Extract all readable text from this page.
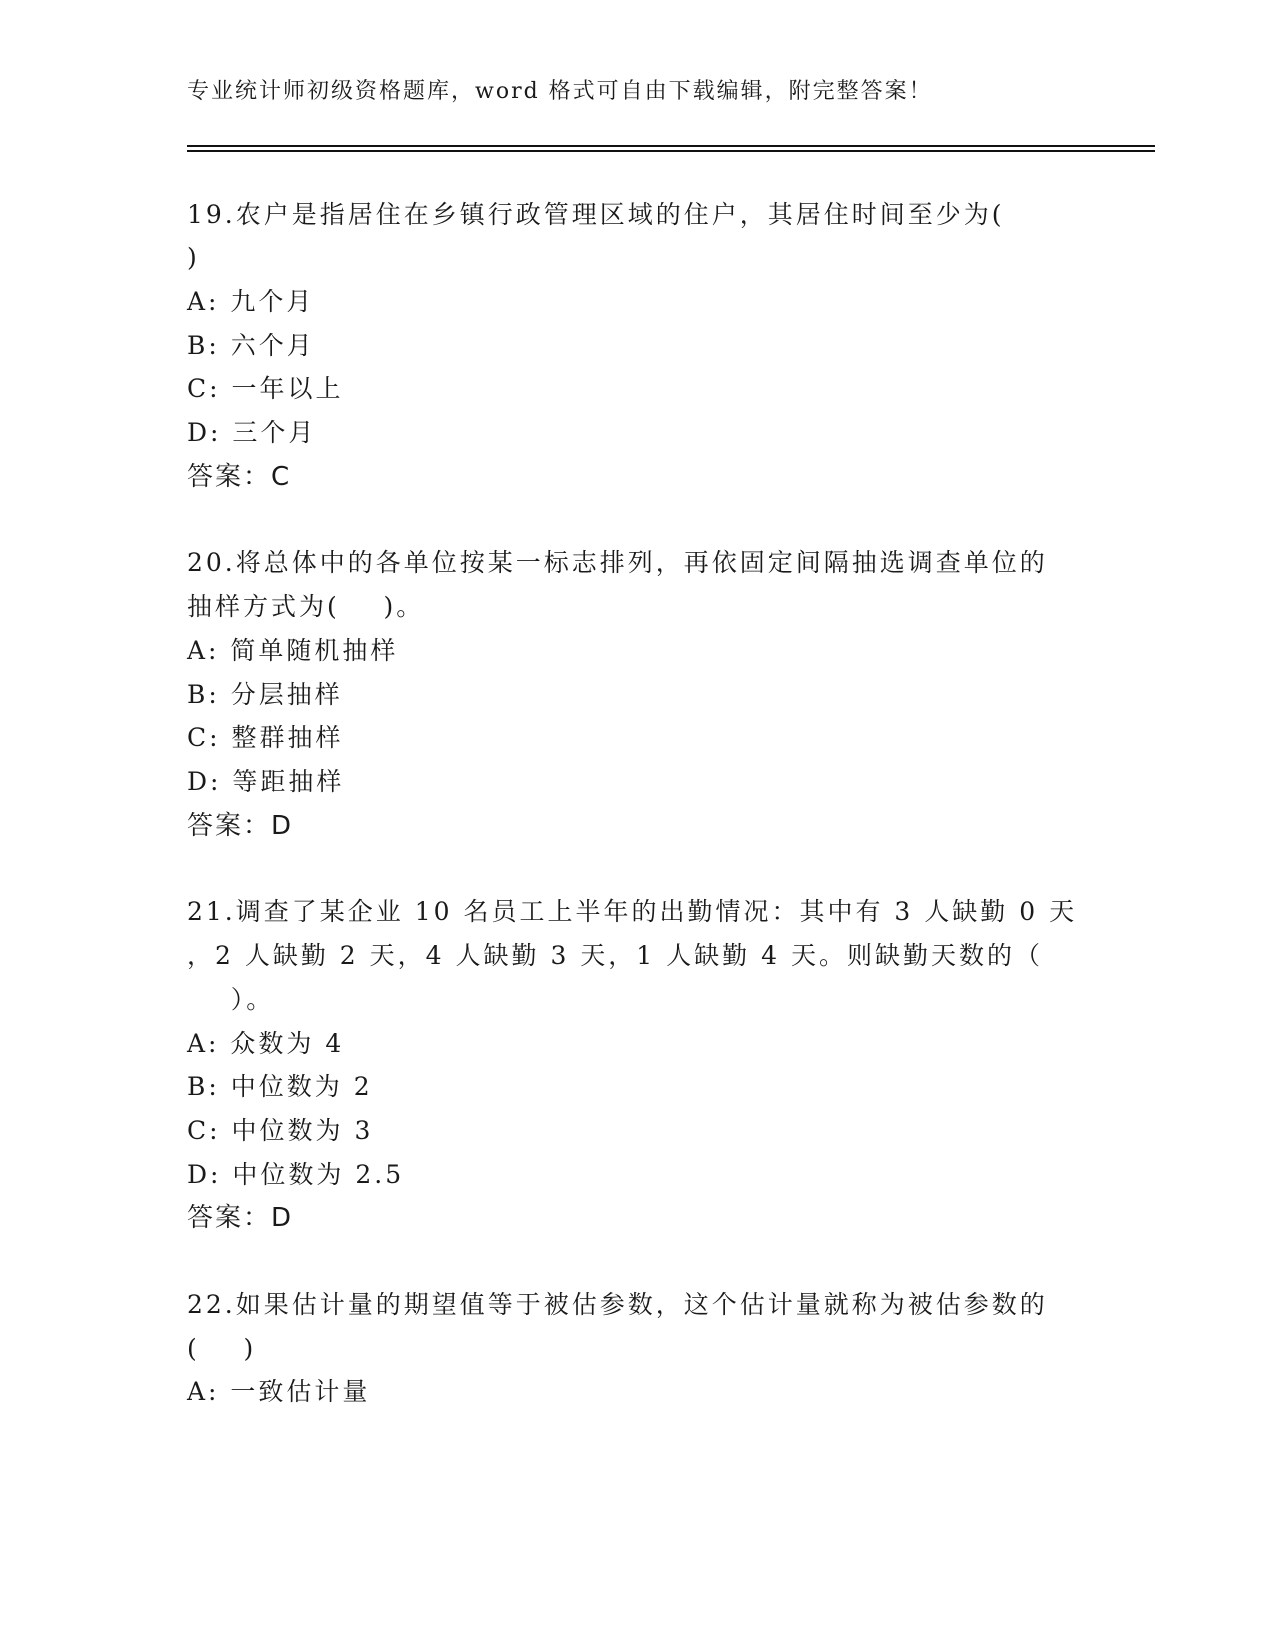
专业统计师初级资格题库，word 格式可自由下载编辑，附完整答案！
19.农户是指居住在乡镇行政管理区域的住户，其居住时间至少为(
)
A: 九个月
B: 六个月
C: 一年以上
D: 三个月
答案：C
20.将总体中的各单位按某一标志排列，再依固定间隔抽选调查单位的
抽样方式为(    )。
A: 简单随机抽样
B: 分层抽样
C: 整群抽样
D: 等距抽样
答案：D
21.调查了某企业 10 名员工上半年的出勤情况：其中有 3 人缺勤 0 天
，2 人缺勤 2 天，4 人缺勤 3 天，1 人缺勤 4 天。则缺勤天数的（
）。
A: 众数为 4
B: 中位数为 2
C: 中位数为 3
D: 中位数为 2.5
答案：D
22.如果估计量的期望值等于被估参数，这个估计量就称为被估参数的
(    )
A: 一致估计量
